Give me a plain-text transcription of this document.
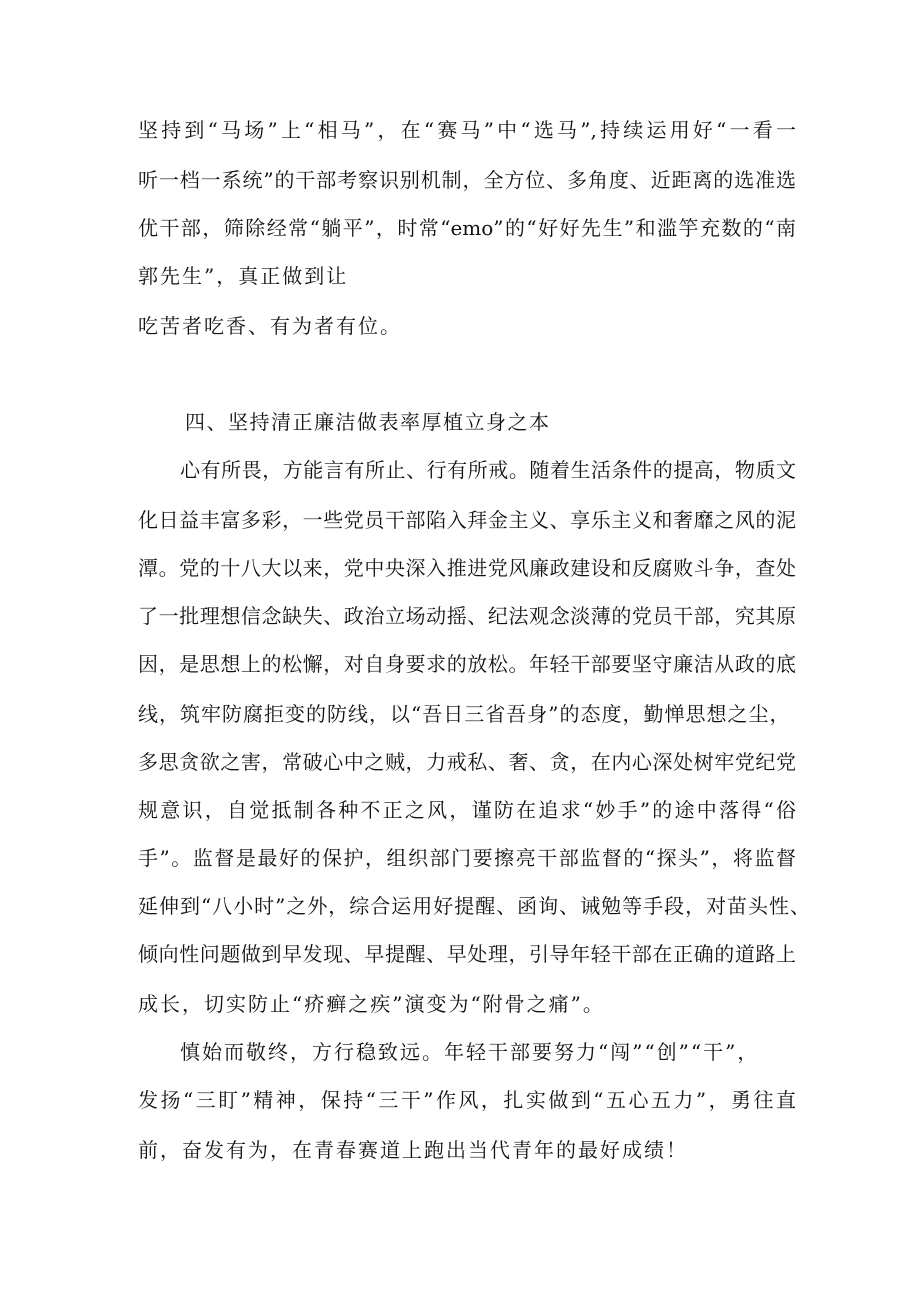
坚持到“马场”上“相马”，在“赛马”中“选马”,持续运用好“一看一
听一档一系统”的干部考察识别机制，全方位、多角度、近距离的选准选
优干部，筛除经常“躺平”，时常“emo”的“好好先生”和滥竽充数的“南
郭先生”，真正做到让
吃苦者吃香、有为者有位。
四、坚持清正廉洁做表率厚植立身之本
心有所畏，方能言有所止、行有所戒。随着生活条件的提高，物质文
化日益丰富多彩，一些党员干部陷入拜金主义、享乐主义和奢靡之风的泥
潭。党的十八大以来，党中央深入推进党风廉政建设和反腐败斗争，查处
了一批理想信念缺失、政治立场动摇、纪法观念淡薄的党员干部，究其原
因，是思想上的松懈，对自身要求的放松。年轻干部要坚守廉洁从政的底
线，筑牢防腐拒变的防线，以“吾日三省吾身”的态度，勤惮思想之尘，
多思贪欲之害，常破心中之贼，力戒私、奢、贪，在内心深处树牢党纪党
规意识，自觉抵制各种不正之风，谨防在追求“妙手”的途中落得“俗
手”。监督是最好的保护，组织部门要擦亮干部监督的“探头”，将监督
延伸到“八小时”之外，综合运用好提醒、函询、诫勉等手段，对苗头性、
倾向性问题做到早发现、早提醒、早处理，引导年轻干部在正确的道路上
成长，切实防止“疥癣之疾”演变为“附骨之痛”。
慎始而敬终，方行稳致远。年轻干部要努力“闯”“创”“干”，
发扬“三盯”精神，保持“三干”作风，扎实做到“五心五力”，勇往直
前，奋发有为，在青春赛道上跑出当代青年的最好成绩！
